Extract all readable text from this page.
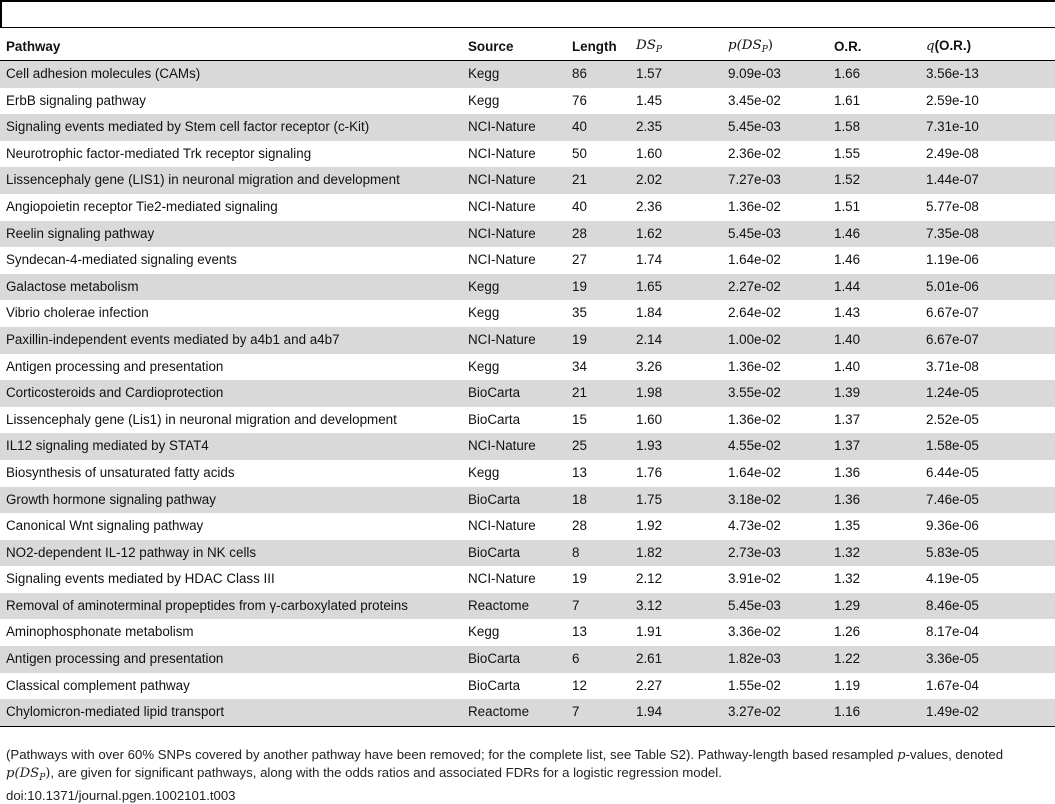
Pathway	Source	Length	$DS_P$	$p(DS_P)$	O.R.	q(O.R.)
Cell adhesion molecules (CAMs)	Kegg	86	1.57	9.09e-03	1.66	3.56e-13
ErbB signaling pathway	Kegg	76	1.45	3.45e-02	1.61	2.59e-10
Signaling events mediated by Stem cell factor receptor (c-Kit)	NCI-Nature	40	2.35	5.45e-03	1.58	7.31e-10
Neurotrophic factor-mediated Trk receptor signaling	NCI-Nature	50	1.60	2.36e-02	1.55	2.49e-08
Lissencephaly gene (LIS1) in neuronal migration and development	NCI-Nature	21	2.02	7.27e-03	1.52	1.44e-07
Angiopoietin receptor Tie2-mediated signaling	NCI-Nature	40	2.36	1.36e-02	1.51	5.77e-08
Reelin signaling pathway	NCI-Nature	28	1.62	5.45e-03	1.46	7.35e-08
Syndecan-4-mediated signaling events	NCI-Nature	27	1.74	1.64e-02	1.46	1.19e-06
Galactose metabolism	Kegg	19	1.65	2.27e-02	1.44	5.01e-06
Vibrio cholerae infection	Kegg	35	1.84	2.64e-02	1.43	6.67e-07
Paxillin-independent events mediated by a4b1 and a4b7	NCI-Nature	19	2.14	1.00e-02	1.40	6.67e-07
Antigen processing and presentation	Kegg	34	3.26	1.36e-02	1.40	3.71e-08
Corticosteroids and Cardioprotection	BioCarta	21	1.98	3.55e-02	1.39	1.24e-05
Lissencephaly gene (Lis1) in neuronal migration and development	BioCarta	15	1.60	1.36e-02	1.37	2.52e-05
IL12 signaling mediated by STAT4	NCI-Nature	25	1.93	4.55e-02	1.37	1.58e-05
Biosynthesis of unsaturated fatty acids	Kegg	13	1.76	1.64e-02	1.36	6.44e-05
Growth hormone signaling pathway	BioCarta	18	1.75	3.18e-02	1.36	7.46e-05
Canonical Wnt signaling pathway	NCI-Nature	28	1.92	4.73e-02	1.35	9.36e-06
NO2-dependent IL-12 pathway in NK cells	BioCarta	8	1.82	2.73e-03	1.32	5.83e-05
Signaling events mediated by HDAC Class III	NCI-Nature	19	2.12	3.91e-02	1.32	4.19e-05
Removal of aminoterminal propeptides from γ-carboxylated proteins	Reactome	7	3.12	5.45e-03	1.29	8.46e-05
Aminophosphonate metabolism	Kegg	13	1.91	3.36e-02	1.26	8.17e-04
Antigen processing and presentation	BioCarta	6	2.61	1.82e-03	1.22	3.36e-05
Classical complement pathway	BioCarta	12	2.27	1.55e-02	1.19	1.67e-04
Chylomicron-mediated lipid transport	Reactome	7	1.94	3.27e-02	1.16	1.49e-02

(Pathways with over 60% SNPs covered by another pathway have been removed; for the complete list, see Table S2). Pathway-length based resampled p-values, denoted $p(DS_P)$, are given for significant pathways, along with the odds ratios and associated FDRs for a logistic regression model.

doi:10.1371/journal.pgen.1002101.t003
